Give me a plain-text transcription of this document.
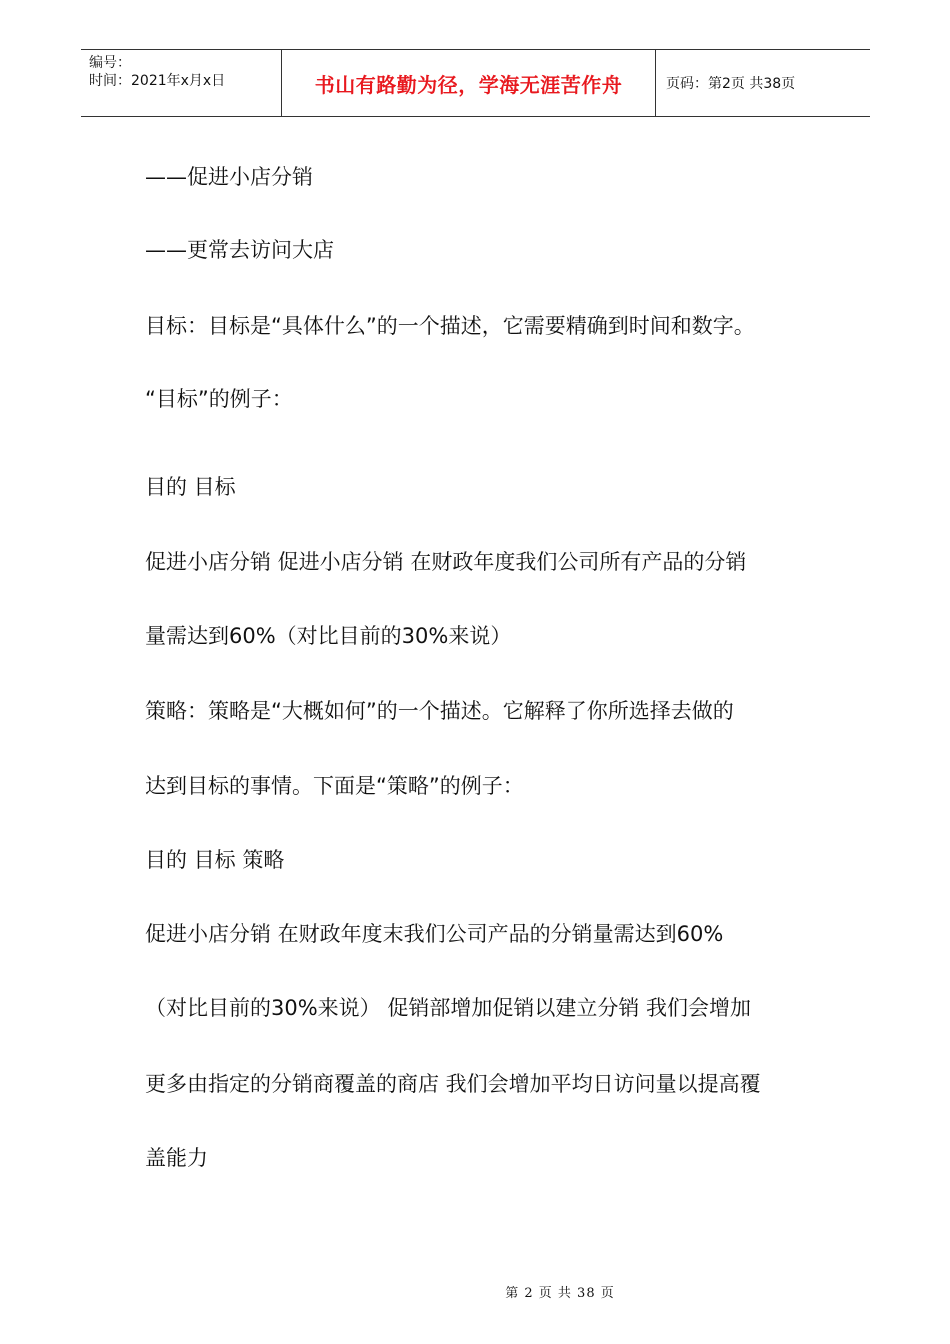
编号：
时间：2021年x月x日	书山有路勤为径，学海无涯苦作舟	页码：第2页 共38页

——促进小店分销

——更常去访问大店

目标：目标是“具体什么”的一个描述，它需要精确到时间和数字。

“目标”的例子：

目的 目标

促进小店分销 促进小店分销 在财政年度我们公司所有产品的分销

量需达到60%（对比目前的30%来说）

策略：策略是“大概如何”的一个描述。它解释了你所选择去做的

达到目标的事情。下面是“策略”的例子：

目的 目标 策略

促进小店分销 在财政年度末我们公司产品的分销量需达到60%

（对比目前的30%来说） 促销部增加促销以建立分销 我们会增加

更多由指定的分销商覆盖的商店 我们会增加平均日访问量以提高覆

盖能力

第 2 页 共 38 页
